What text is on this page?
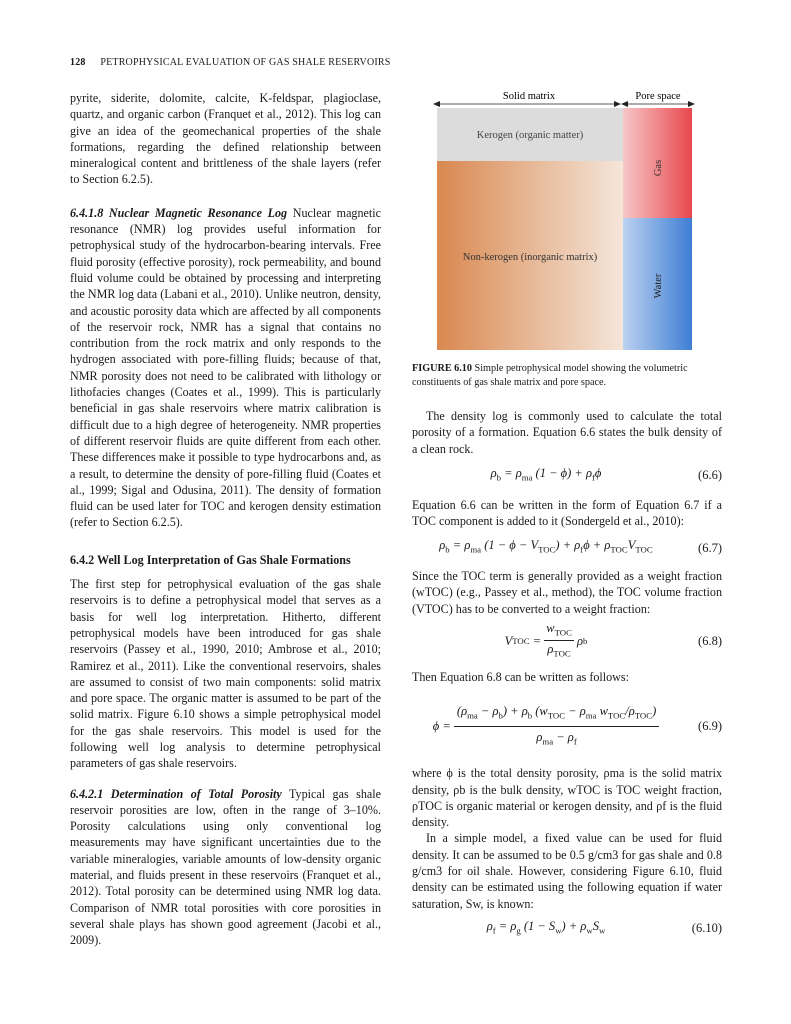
128 PETROPHYSICAL EVALUATION OF GAS SHALE RESERVOIRS

pyrite, siderite, dolomite, calcite, K-feldspar, plagioclase, quartz, and organic carbon (Franquet et al., 2012). This log can give an idea of the geomechanical properties of the shale formations, regarding the defined relationship between mineralogical content and brittleness of the shale layers (refer to Section 6.2.5).

6.4.1.8 Nuclear Magnetic Resonance Log Nuclear magnetic resonance (NMR) log provides useful information for petrophysical study of the hydrocarbon-bearing intervals. Free fluid porosity (effective porosity), rock permeability, and bound fluid volume could be obtained by processing and interpreting the NMR log data (Labani et al., 2010). Unlike neutron, density, and acoustic porosity data which are affected by all components of the reservoir rock, NMR has a signal that contains no contribution from the rock matrix and only responds to the hydrogen associated with pore-filling fluids; because of that, NMR porosity does not need to be calibrated with lithology or lithofacies changes (Coates et al., 1999). This is particularly beneficial in gas shale reservoirs where matrix calibration is difficult due to a high degree of heterogeneity. NMR properties of different reservoir fluids are quite different from each other. These differences make it possible to type hydrocarbons and, as a result, to determine the density of pore-filling fluid (Coates et al., 1999; Sigal and Odusina, 2011). The density of formation fluid can be used later for TOC and kerogen density estimation (refer to Section 6.2.5).

6.4.2 Well Log Interpretation of Gas Shale Formations

The first step for petrophysical evaluation of the gas shale reservoirs is to define a petrophysical model that serves as a basis for well log interpretation. Hitherto, different petrophysical models have been introduced for gas shale reservoirs (Passey et al., 1990, 2010; Ambrose et al., 2010; Ramirez et al., 2011). Like the conventional reservoirs, shales are assumed to consist of two main components: solid matrix and pore space. The organic matter is assumed to be part of the solid matrix. Figure 6.10 shows a simple petrophysical model for the gas shale reservoirs. This model is used for the following well log analysis to determine petrophysical parameters of gas shale reservoirs.

6.4.2.1 Determination of Total Porosity Typical gas shale reservoir porosities are low, often in the range of 3–10%. Porosity calculations using only conventional log measurements may have significant uncertainties due to the variable mineralogies, variable amounts of low-density organic material, and fluids present in these reservoirs (Franquet et al., 2012). Total porosity can be determined using NMR log data. Comparison of NMR total porosities with core porosities in several shale plays has shown good agreement (Jacobi et al., 2009).

Solid matrix	Pore space
Kerogen (organic matter)
Non-kerogen (inorganic matrix)
Gas
Water
FIGURE 6.10 Simple petrophysical model showing the volumetric constituents of gas shale matrix and pore space.

The density log is commonly used to calculate the total porosity of a formation. Equation 6.6 states the bulk density of a clean rock.

$\rho_b = \rho_{ma}$ $(1 - \phi) + \rho_f\phi$	(6.6)

Equation 6.6 can be written in the form of Equation 6.7 if a TOC component is added to it (Sondergeld et al., 2010):

$\rho_b = \rho_{ma}$ $(1 - \phi - V_{TOC}) + \rho_f\phi + \rho_{TOC}V_{TOC}$	(6.7)

Since the TOC term is generally provided as a weight fraction (wTOC) (e.g., Passey et al., method), the TOC volume fraction (VTOC) has to be converted to a weight fraction:

V TOC =
$w_{TOC}$
$\rho_{TOC}$
ρ b	(6.8)

Then Equation 6.8 can be written as follows:

ϕ =
$(\rho_{ma} - \rho_b) + \rho_b$ ($w_{TOC} - \rho_{ma}$ $w_{TOC}/\rho_{TOC}$)
$\rho_{ma} - \rho_f$
(6.9)

where ϕ is the total density porosity, ρma is the solid matrix density, ρb is the bulk density, wTOC is TOC weight fraction, ρTOC is organic material or kerogen density, and ρf is the fluid density.

In a simple model, a fixed value can be used for fluid density. It can be assumed to be 0.5 g/cm3 for gas shale and 0.8 g/cm3 for oil shale. However, considering Figure 6.10, fluid density can be estimated using the following equation if water saturation, Sw, is known:

$\rho_f = \rho_g$ $(1 - S_w) + \rho_wS_w$	(6.10)
